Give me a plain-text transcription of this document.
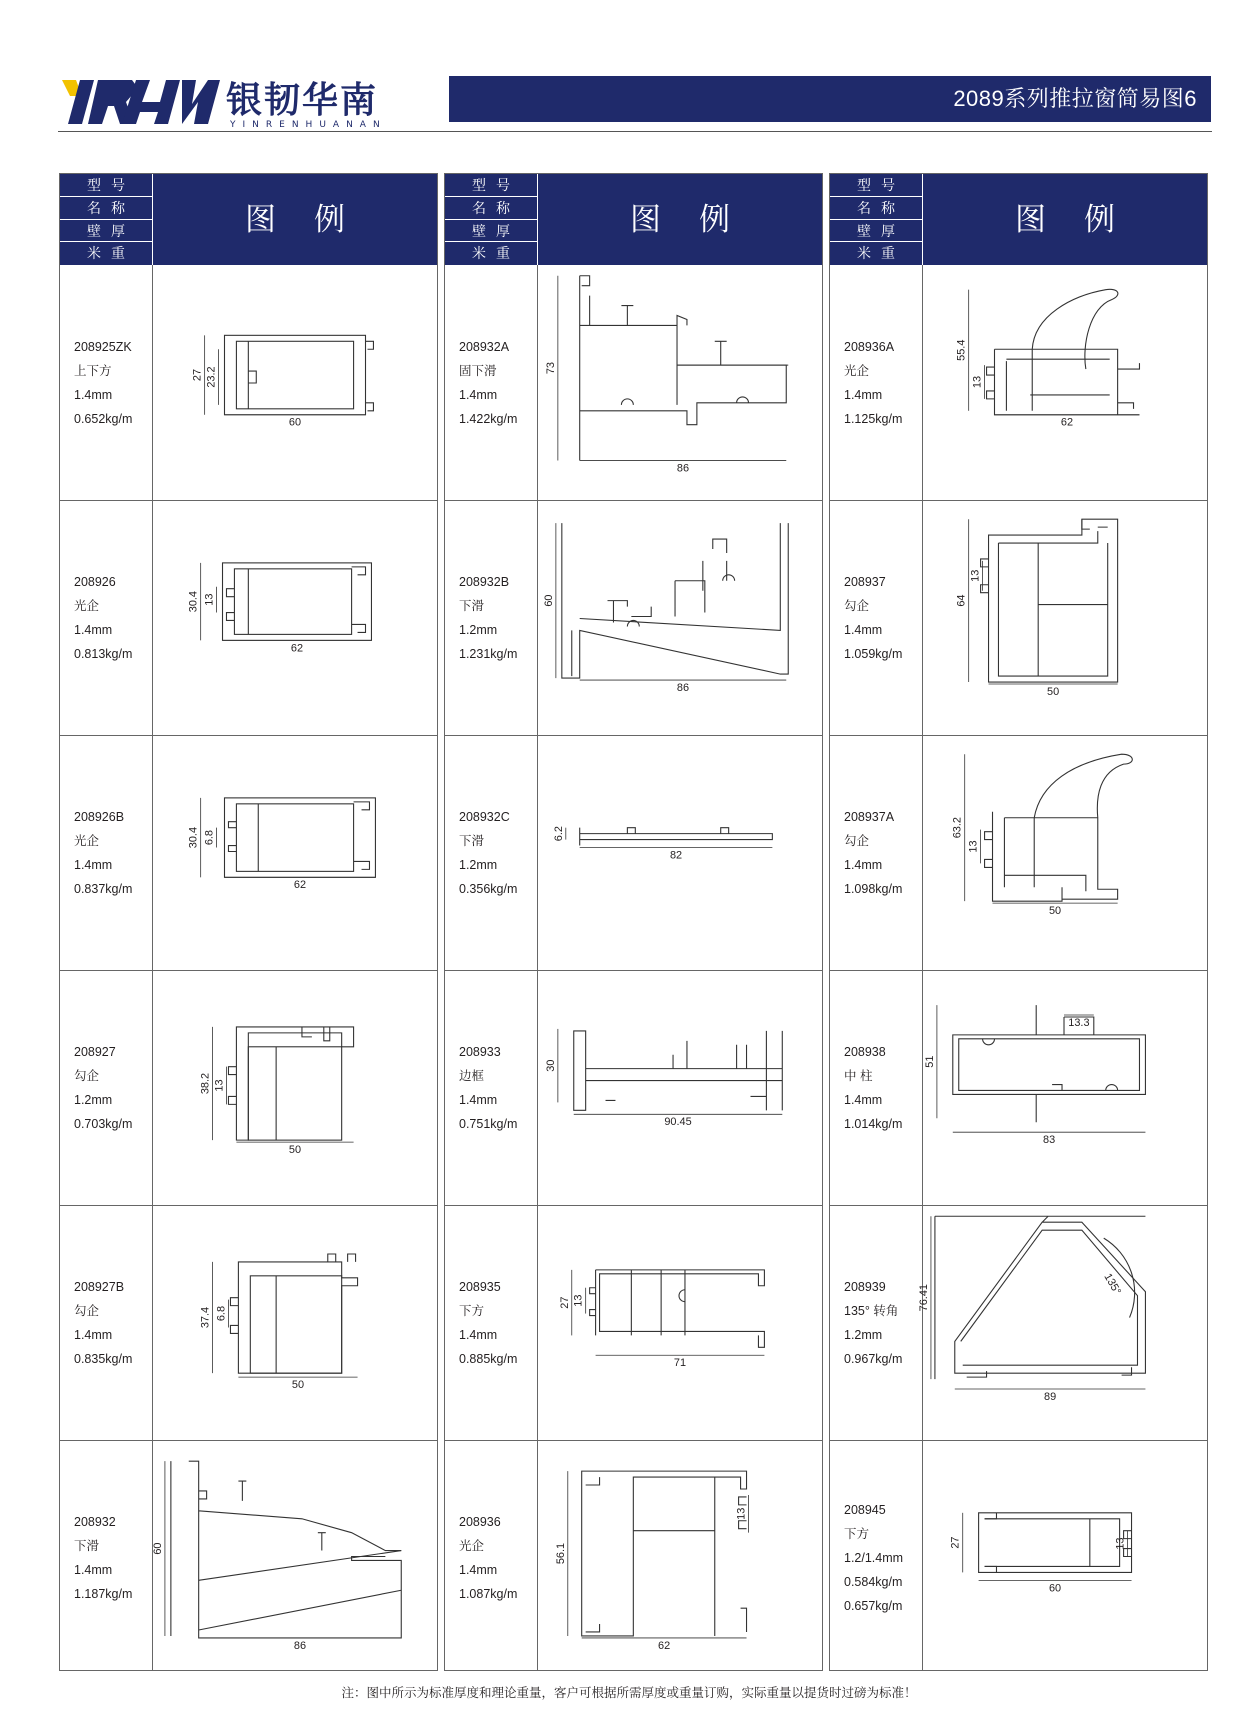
银韧华南
YINRENHUANAN
2089系列推拉窗简易图6
型号
名称
壁厚
米重
图例
208925ZK
上下方
1.4mm
0.652kg/m
27 23.2
60
208926
光企
1.4mm
0.813kg/m
30.4 13
62
208926B
光企
1.4mm
0.837kg/m
30.4 6.8
62
208927
勾企
1.2mm
0.703kg/m
38.2 13
50
208927B
勾企
1.4mm
0.835kg/m
37.4 6.8
50
208932
下滑
1.4mm
1.187kg/m
60
86
型号
名称
壁厚
米重
图例
208932A
固下滑
1.4mm
1.422kg/m
73
86
208932B
下滑
1.2mm
1.231kg/m
60
86
208932C
下滑
1.2mm
0.356kg/m
6.2
82
208933
边框
1.4mm
0.751kg/m
30
90.45
208935
下方
1.4mm
0.885kg/m
27 13
71
208936
光企
1.4mm
1.087kg/m
56.1
13
62
型号
名称
壁厚
米重
图例
208936A
光企
1.4mm
1.125kg/m
55.4
13
62
208937
勾企
1.4mm
1.059kg/m
64
13
50
208937A
勾企
1.4mm
1.098kg/m
63.2
13
50
208938
中 柱
1.4mm
1.014kg/m
51
13.3
83
208939
135° 转角
1.2mm
0.967kg/m
76.41	135°
89
208945
下方
1.2/1.4mm
0.584kg/m
0.657kg/m
27	13
60
注：图中所示为标准厚度和理论重量，客户可根据所需厚度或重量订购，实际重量以提货时过磅为标准！
